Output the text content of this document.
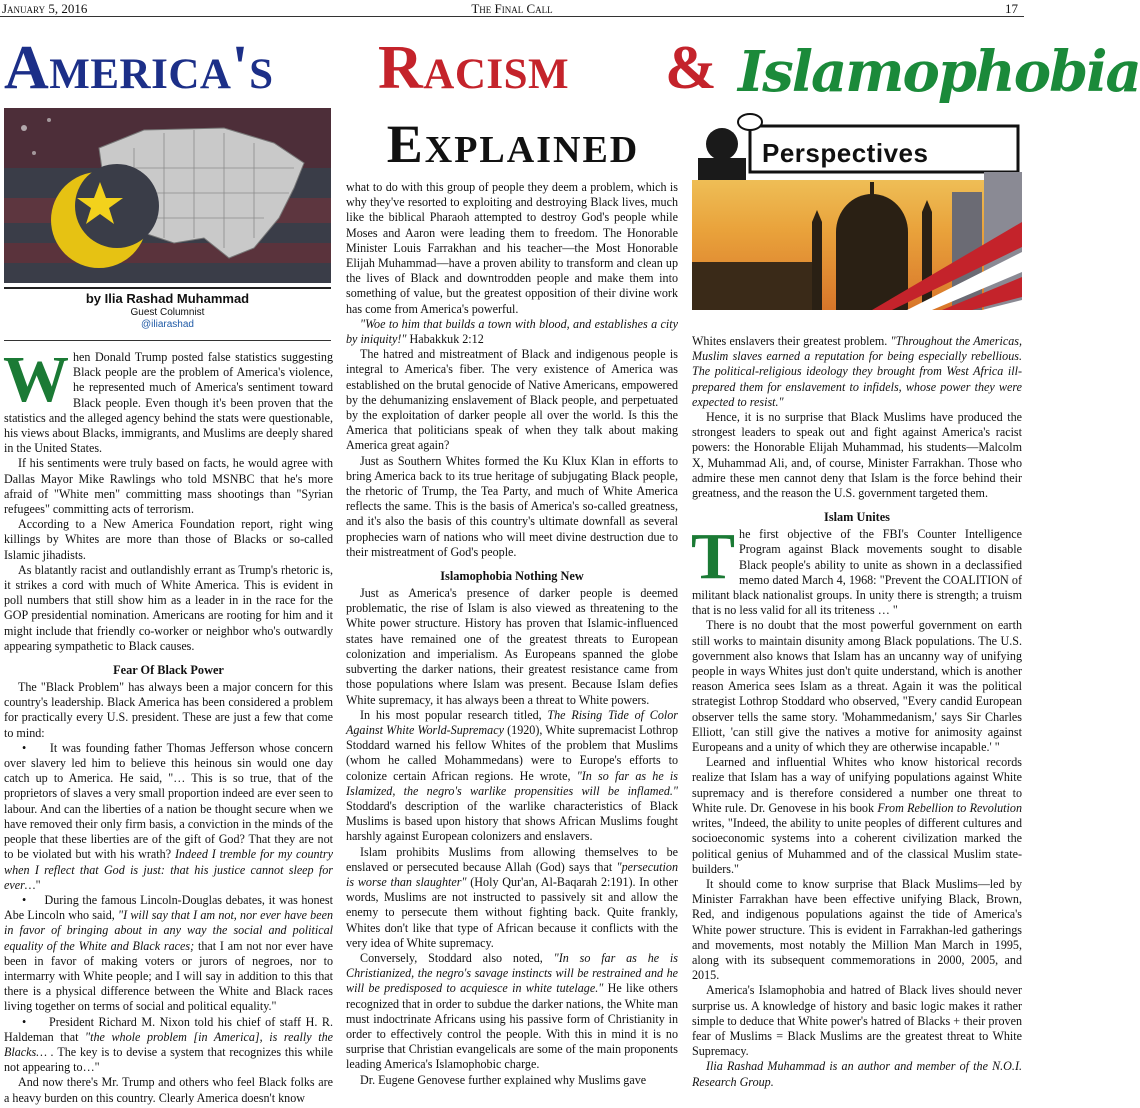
January 5, 2016	The Final Call	17
America's Racism & Islamophobia
Explained
by Ilia Rashad Muhammad
Guest Columnist
@iliarashad
Perspectives

When Donald Trump posted false statistics suggesting Black people are the problem of America's violence, he represented much of America's sentiment toward Black people. Even though it's been proven that the statistics and the alleged agency behind the stats were questionable, his views about Blacks, immigrants, and Muslims are deeply shared in the United States.

If his sentiments were truly based on facts, he would agree with Dallas Mayor Mike Rawlings who told MSNBC that he's more afraid of "White men" committing mass shootings than "Syrian refugees" committing acts of terrorism.

According to a New America Foundation report, right wing killings by Whites are more than those of Blacks or so-called Islamic jihadists.

As blatantly racist and outlandishly errant as Trump's rhetoric is, it strikes a cord with much of White America. This is evident in poll numbers that still show him as a leader in in the race for the GOP presidential nomination. Americans are rooting for him and it might include that friendly co-worker or neighbor who's outwardly appearing sympathetic to Black causes.

Fear Of Black Power

The "Black Problem" has always been a major concern for this country's leadership. Black America has been considered a problem for practically every U.S. president. These are just a few that come to mind:

•     It was founding father Thomas Jefferson whose concern over slavery led him to believe this heinous sin would one day catch up to America. He said, "… This is so true, that of the proprietors of slaves a very small proportion indeed are ever seen to labour. And can the liberties of a nation be thought secure when we have removed their only firm basis, a conviction in the minds of the people that these liberties are of the gift of God? That they are not to be violated but with his wrath? Indeed I tremble for my country when I reflect that God is just: that his justice cannot sleep for ever…"

•     During the famous Lincoln-Douglas debates, it was honest Abe Lincoln who said, "I will say that I am not, nor ever have been in favor of bringing about in any way the social and political equality of the White and Black races; that I am not nor ever have been in favor of making voters or jurors of negroes, nor to intermarry with White people; and I will say in addition to this that there is a physical difference between the White and Black races living together on terms of social and political equality."

•     President Richard M. Nixon told his chief of staff H. R. Haldeman that "the whole problem [in America], is really the Blacks… . The key is to devise a system that recognizes this while not appearing to…"

And now there's Mr. Trump and others who feel Black folks are a heavy burden on this country. Clearly America doesn't know

what to do with this group of people they deem a problem, which is why they've resorted to exploiting and destroying Black lives, much like the biblical Pharaoh attempted to destroy God's people while Moses and Aaron were leading them to freedom. The Honorable Minister Louis Farrakhan and his teacher—the Most Honorable Elijah Muhammad—have a proven ability to transform and clean up the lives of Black and downtrodden people and make them into something of value, but the greatest opposition of their divine work has come from America's powerful.

"Woe to him that builds a town with blood, and establishes a city by iniquity!" Habakkuk 2:12

The hatred and mistreatment of Black and indigenous people is integral to America's fiber. The very existence of America was established on the brutal genocide of Native Americans, empowered by the dehumanizing enslavement of Black people, and perpetuated by the exploitation of darker people all over the world. Is this the America that politicians speak of when they talk about making America great again?

Just as Southern Whites formed the Ku Klux Klan in efforts to bring America back to its true heritage of subjugating Black people, the rhetoric of Trump, the Tea Party, and much of White America reflects the same. This is the basis of America's so-called greatness, and it's also the basis of this country's ultimate downfall as several prophecies warn of nations who will meet divine destruction due to their mistreatment of God's people.

Islamophobia Nothing New

Just as America's presence of darker people is deemed problematic, the rise of Islam is also viewed as threatening to the White power structure. History has proven that Islamic-influenced states have remained one of the greatest threats to European colonization and imperialism. As Europeans spanned the globe subverting the darker nations, their greatest resistance came from those populations where Islam was present. Because Islam defies White supremacy, it has always been a threat to White powers.

In his most popular research titled, The Rising Tide of Color Against White World-Supremacy (1920), White supremacist Lothrop Stoddard warned his fellow Whites of the problem that Muslims (whom he called Mohammedans) were to Europe's efforts to colonize certain African regions. He wrote, "In so far as he is Islamized, the negro's warlike propensities will be inflamed." Stoddard's description of the warlike characteristics of Black Muslims is based upon history that shows African Muslims fought harshly against European colonizers and enslavers.

Islam prohibits Muslims from allowing themselves to be enslaved or persecuted because Allah (God) says that "persecution is worse than slaughter" (Holy Qur'an, Al-Baqarah 2:191). In other words, Muslims are not instructed to passively sit and allow the enemy to persecute them without fighting back. Quite frankly, Whites don't like that type of African because it conflicts with the very idea of White supremacy.

Conversely, Stoddard also noted, "In so far as he is Christianized, the negro's savage instincts will be restrained and he will be predisposed to acquiesce in white tutelage." He like others recognized that in order to subdue the darker nations, the White man must indoctrinate Africans using his passive form of Christianity in order to effectively control the people. With this in mind it is no surprise that Christian evangelicals are some of the main proponents leading America's Islamophobic charge.

Dr. Eugene Genovese further explained why Muslims gave

Whites enslavers their greatest problem. "Throughout the Americas, Muslim slaves earned a reputation for being especially rebellious. The political-religious ideology they brought from West Africa ill-prepared them for enslavement to infidels, whose power they were expected to resist."

Hence, it is no surprise that Black Muslims have produced the strongest leaders to speak out and fight against America's racist powers: the Honorable Elijah Muhammad, his students—Malcolm X, Muhammad Ali, and, of course, Minister Farrakhan. Those who admire these men cannot deny that Islam is the force behind their greatness, and the reason the U.S. government targeted them.

Islam Unites

The first objective of the FBI's Counter Intelligence Program against Black movements sought to disable Black people's ability to unite as shown in a declassified memo dated March 4, 1968: "Prevent the COALITION of militant black nationalist groups. In unity there is strength; a truism that is no less valid for all its triteness … "

There is no doubt that the most powerful government on earth still works to maintain disunity among Black populations. The U.S. government also knows that Islam has an uncanny way of unifying people in ways Whites just don't quite understand, which is another reason America sees Islam as a threat. Again it was the political strategist Lothrop Stoddard who observed, "Every candid European observer tells the same story. 'Mohammedanism,' says Sir Charles Elliott, 'can still give the natives a motive for animosity against Europeans and a unity of which they are otherwise incapable.' "

Learned and influential Whites who know historical records realize that Islam has a way of unifying populations against White supremacy and is therefore considered a number one threat to White rule. Dr. Genovese in his book From Rebellion to Revolution writes, "Indeed, the ability to unite peoples of different cultures and socioeconomic systems into a coherent civilization marked the political genius of Muhammed and of the classical Muslim state-builders."

It should come to know surprise that Black Muslims—led by Minister Farrakhan have been effective unifying Black, Brown, Red, and indigenous populations against the tide of America's White power structure. This is evident in Farrakhan-led gatherings and movements, most notably the Million Man March in 1995, along with its subsequent commemorations in 2000, 2005, and 2015.

America's Islamophobia and hatred of Black lives should never surprise us. A knowledge of history and basic logic makes it rather simple to deduce that White power's hatred of Blacks + their proven fear of Muslims = Black Muslims are the greatest threat to White Supremacy.

Ilia Rashad Muhammad is an author and member of the N.O.I. Research Group.
